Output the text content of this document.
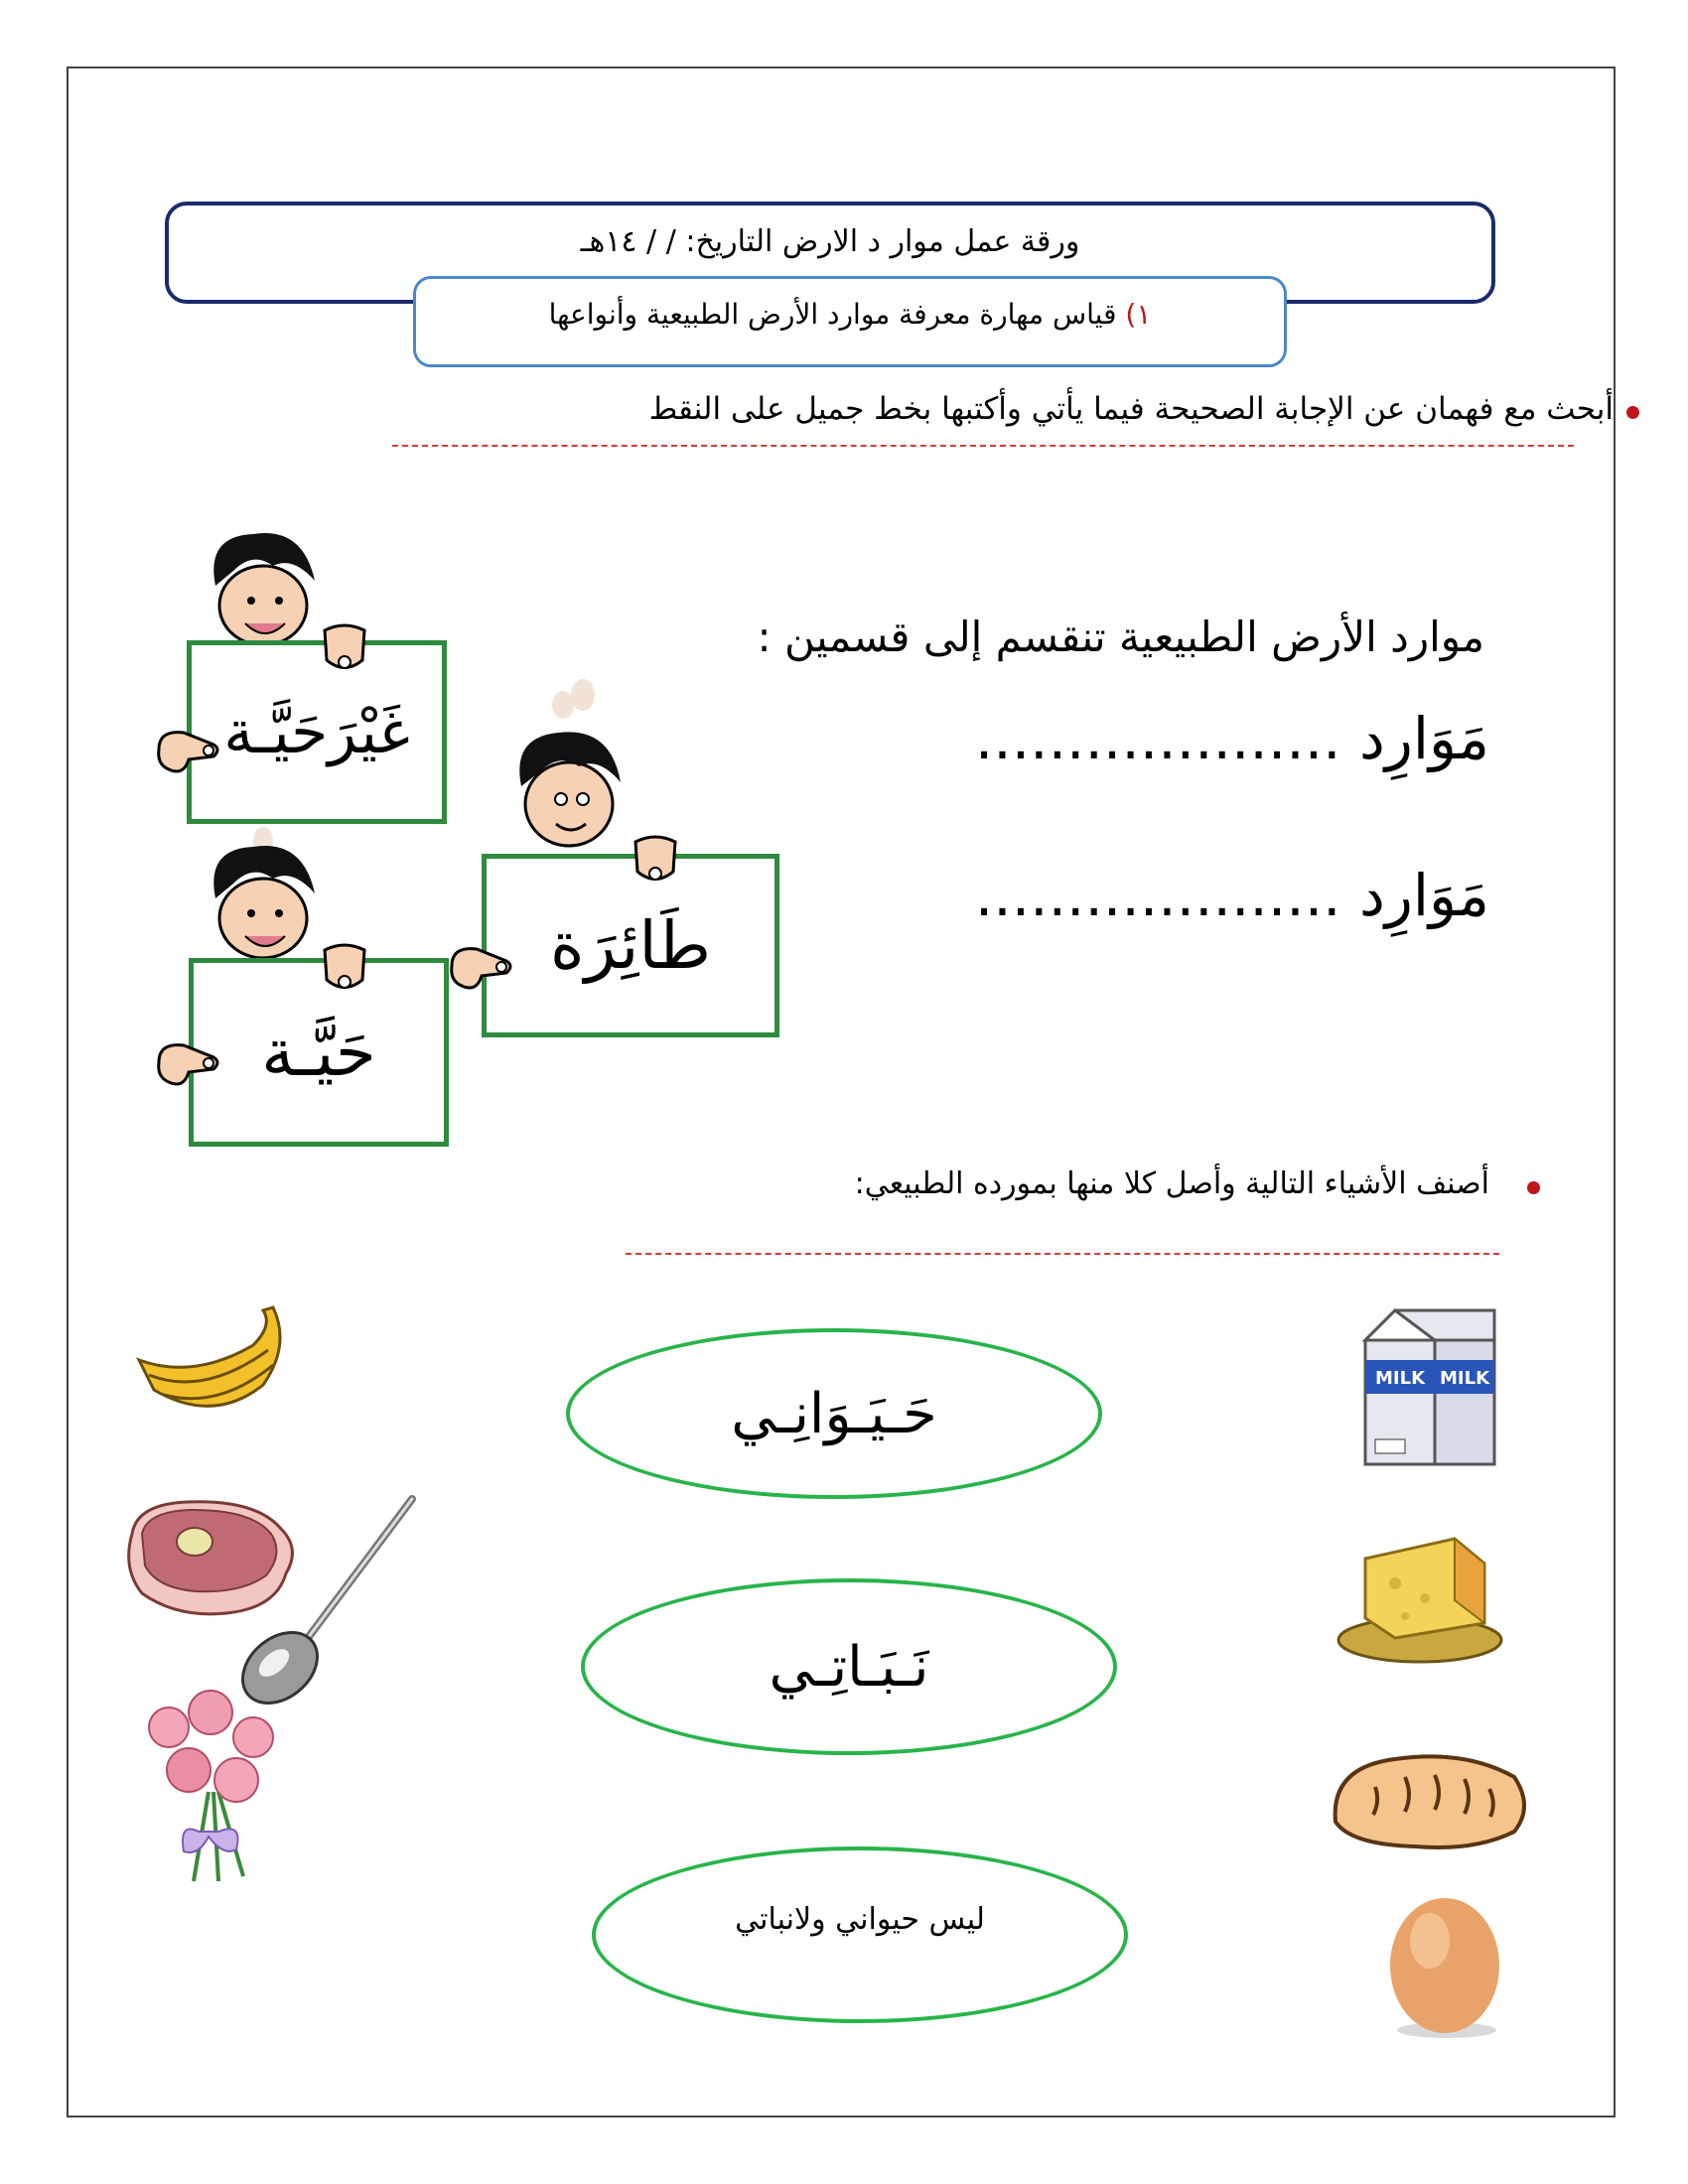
ورقة عمل موار د الارض التاريخ: / / ١٤هـ
١) قياس مهارة معرفة موارد الأرض الطبيعية وأنواعها
أبحث مع فهمان عن الإجابة الصحيحة فيما يأتي وأكتبها بخط جميل على النقط
موارد الأرض الطبيعية تنقسم إلى قسمين :
مَوَارِد ....................
مَوَارِد ....................
غَيْرَحَيَّـة
طَائِرَة
حَيَّـة
أصنف الأشياء التالية وأصل كلا منها بمورده الطبيعي:
حَـيَـوَانِـي
نَـبَـاتِـي
ليس حيواني ولانباتي
MILK MILK
